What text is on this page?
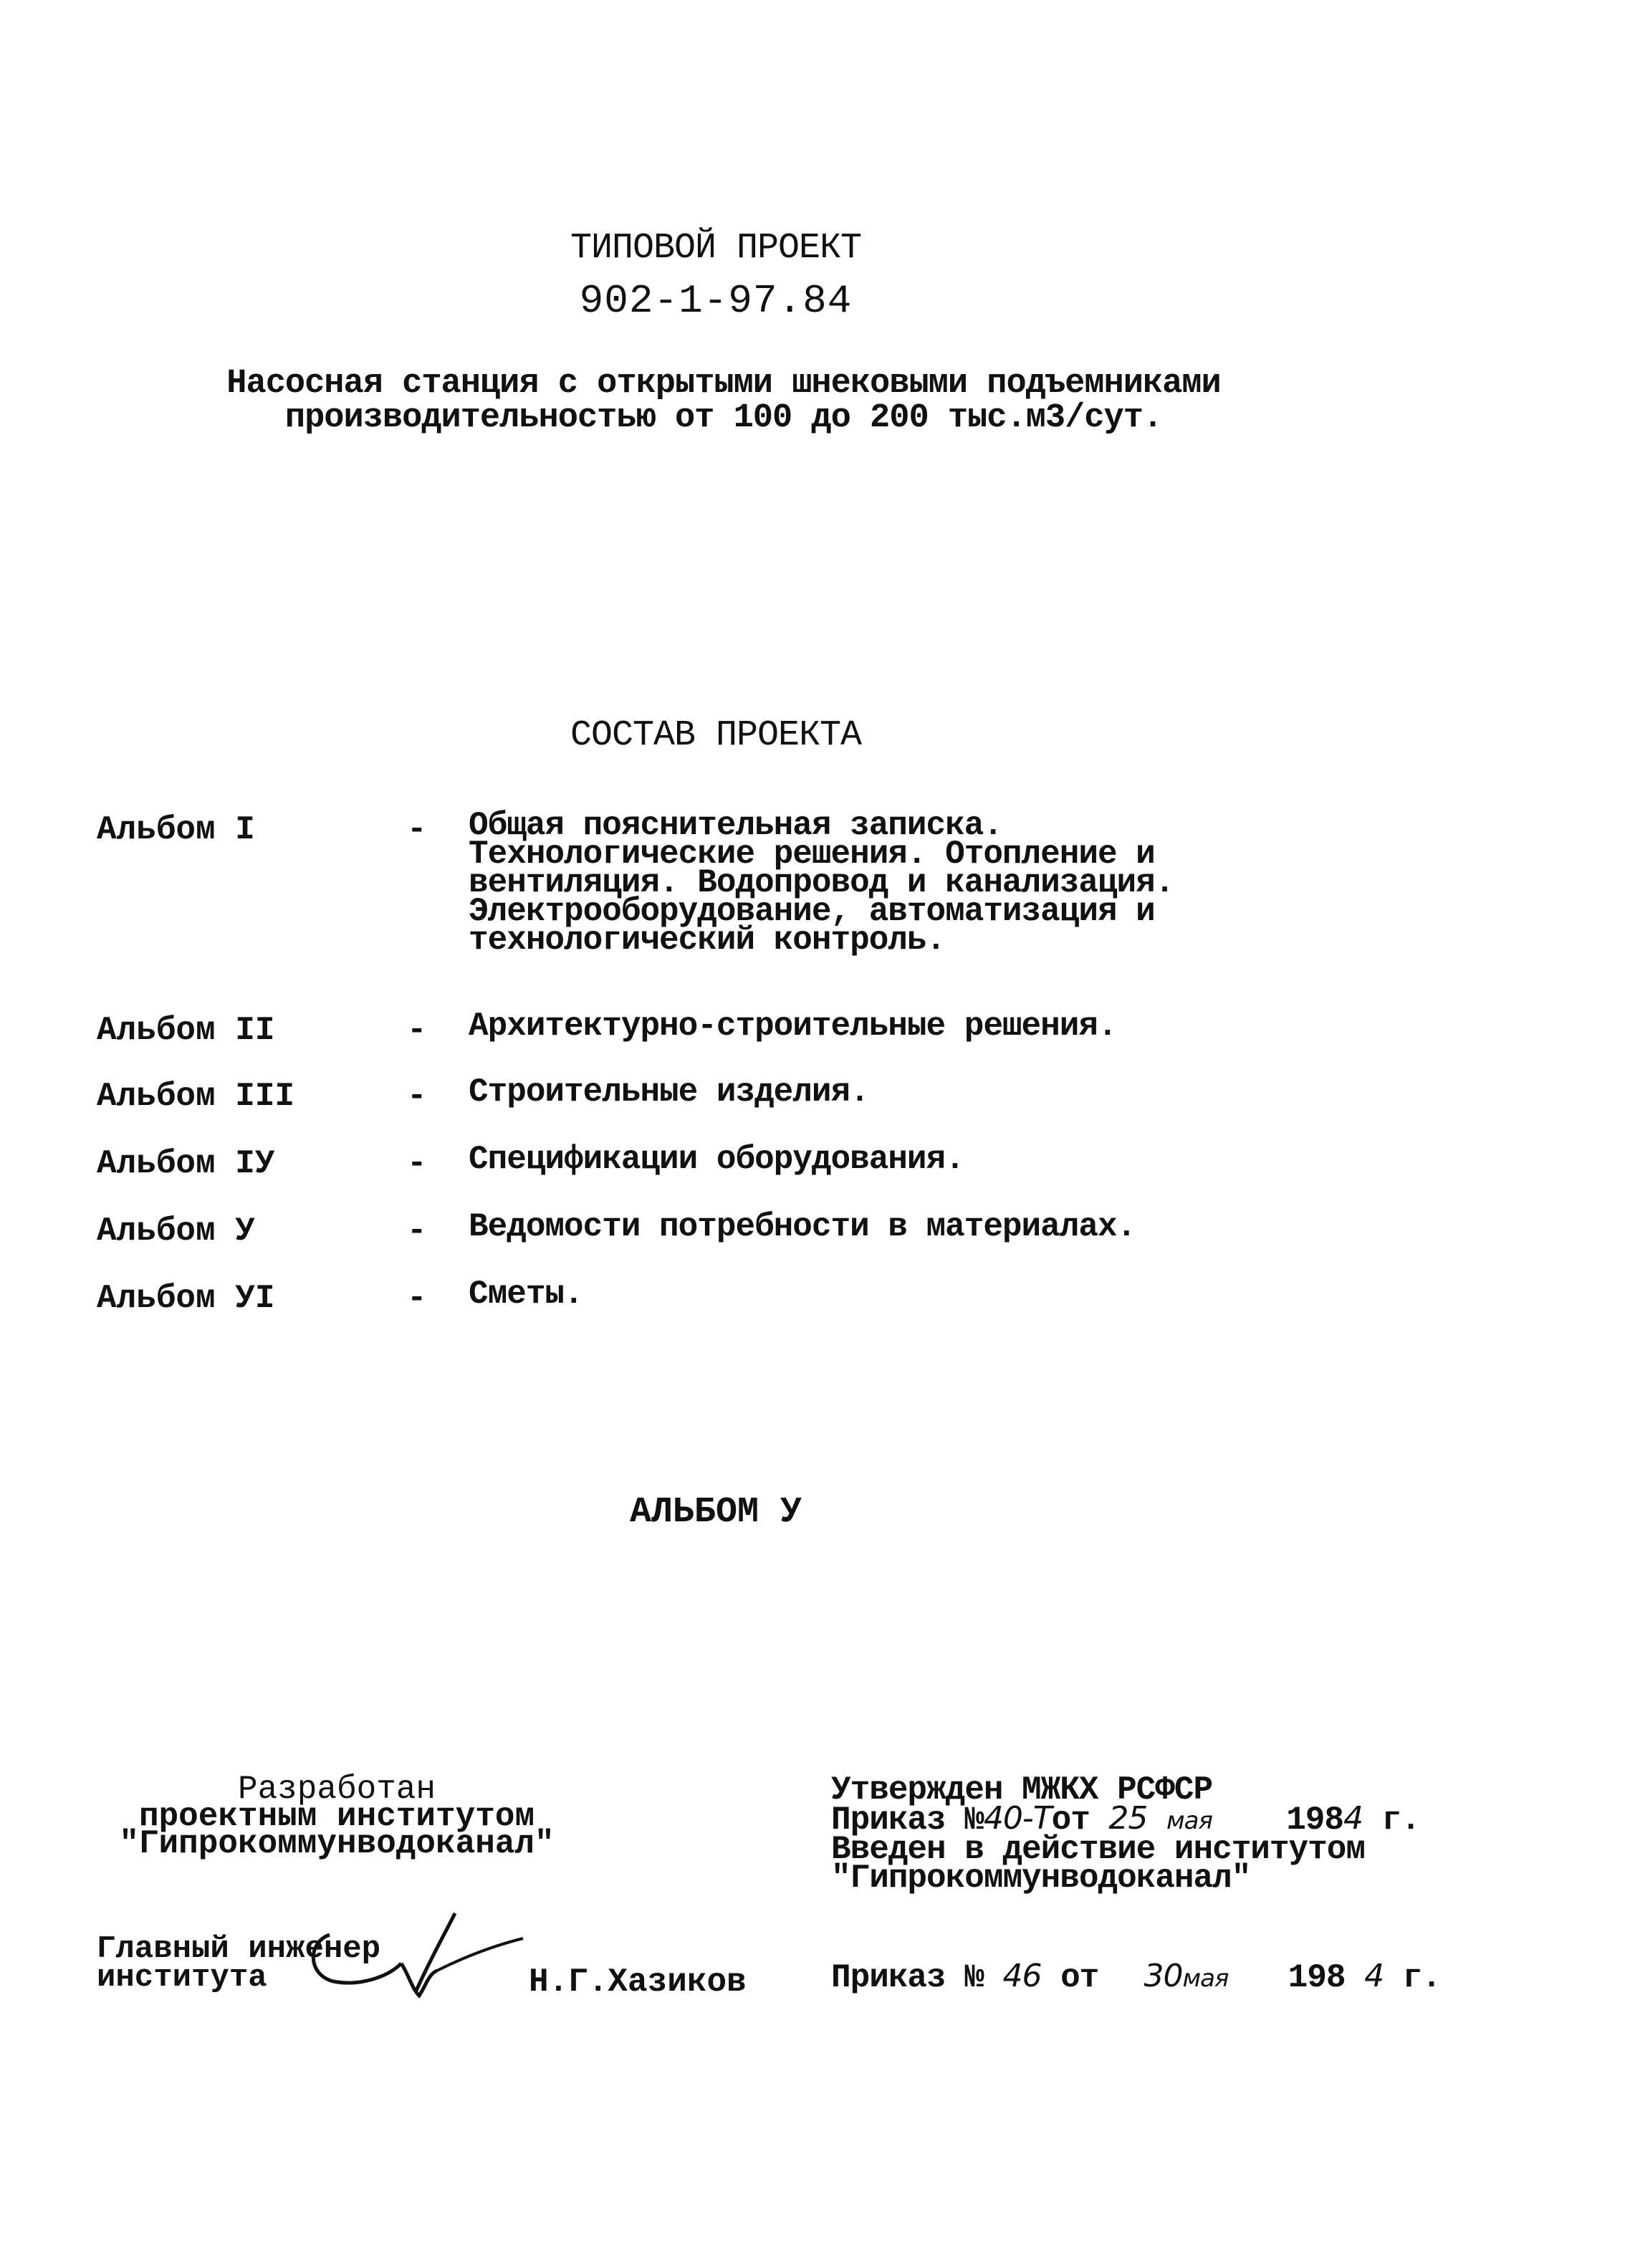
ТИПОВОЙ ПРОЕКТ
902-1-97.84
Насосная станция с открытыми шнековыми подъемниками
производительностью от 100 до 200 тыс.м3/сут.
СОСТАВ ПРОЕКТА
Альбом I	- Общая пояснительная записка.
Технологические решения. Отопление и
вентиляция. Водопровод и канализация.
Электрооборудование, автоматизация и
технологический контроль.
Альбом II	- Архитектурно-строительные решения.
Альбом III	- Строительные изделия.
Альбом IУ	- Спецификации оборудования.
Альбом У	- Ведомости потребности в материалах.
Альбом УI	- Сметы.
АЛЬБОМ У
Разработан
проектным институтом
"Гипрокоммунводоканал"
Главный инженер
института	Н.Г.Хазиков
Утвержден МЖКХ РСФСР
Приказ №40-Тот 25 мая 1984 г.
Введен в действие институтом
"Гипрокоммунводоканал"
Приказ № 46 от 30мая 198 4 г.
